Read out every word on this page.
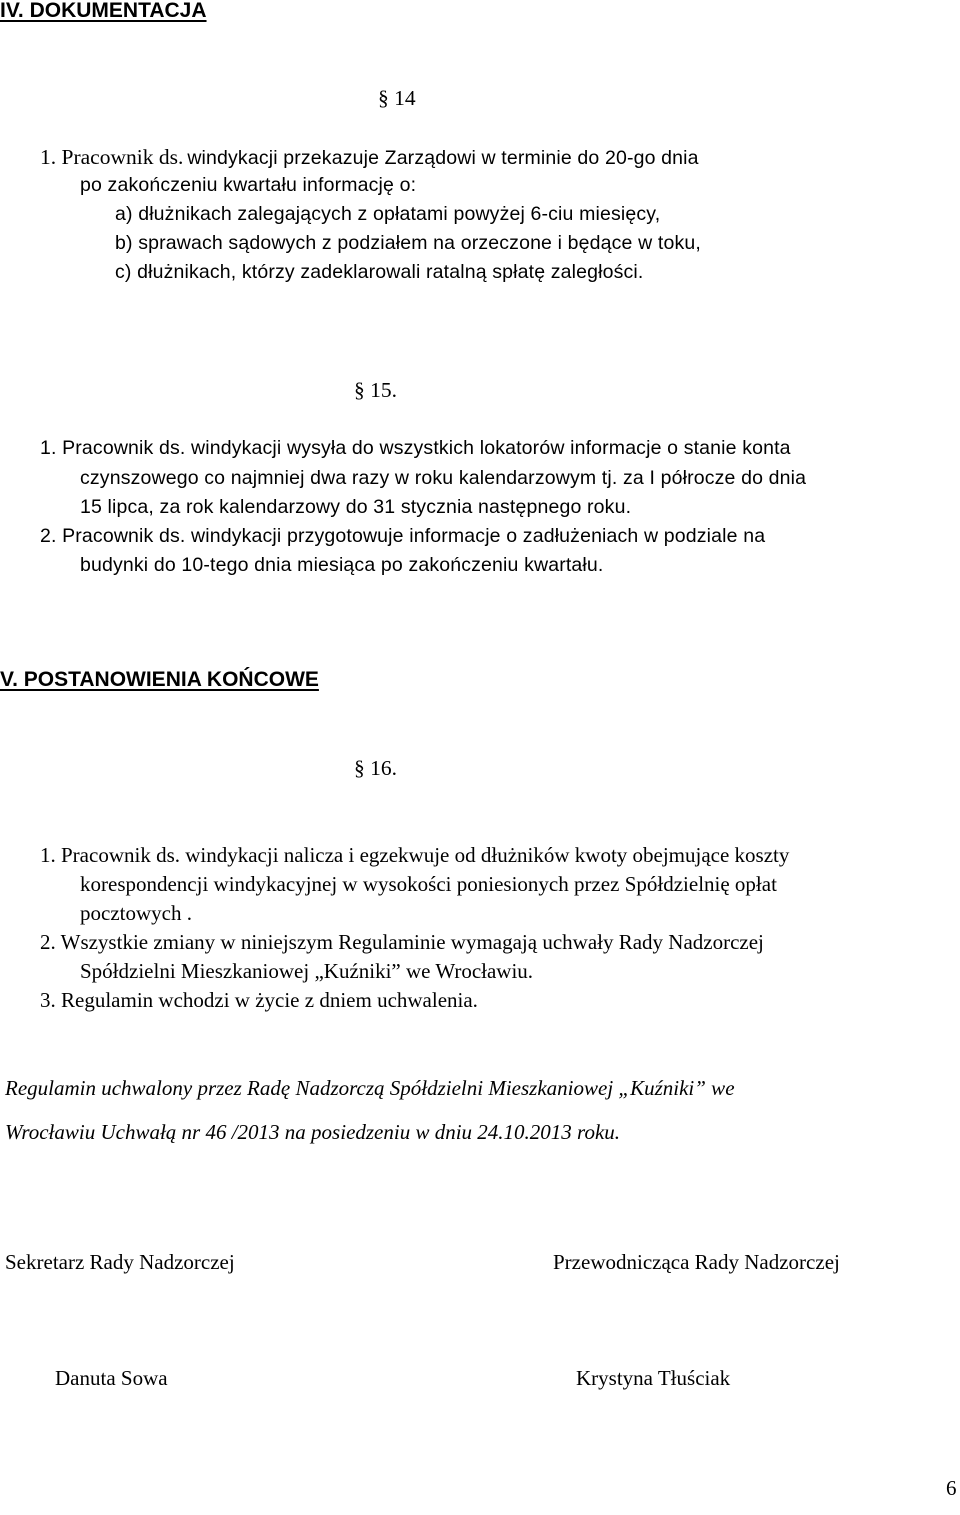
IV. DOKUMENTACJA
§ 14
1. Pracownik ds. windykacji przekazuje Zarządowi w terminie do 20-go dnia
po zakończeniu kwartału informację o:
a) dłużnikach zalegających z opłatami powyżej 6-ciu miesięcy,
b) sprawach sądowych z podziałem na orzeczone i będące w toku,
c) dłużnikach, którzy zadeklarowali ratalną spłatę zaległości.
§ 15.
1. Pracownik ds. windykacji wysyła do wszystkich lokatorów informacje o stanie konta
czynszowego co najmniej dwa razy w roku kalendarzowym tj. za I półrocze do dnia
15 lipca, za rok kalendarzowy do 31 stycznia następnego roku.
2. Pracownik ds. windykacji przygotowuje informacje o zadłużeniach w podziale na
budynki do 10-tego dnia miesiąca po zakończeniu kwartału.
V. POSTANOWIENIA KOŃCOWE
§ 16.
1. Pracownik ds. windykacji nalicza i egzekwuje od dłużników kwoty obejmujące koszty
korespondencji windykacyjnej w wysokości poniesionych przez Spółdzielnię opłat
pocztowych .
2. Wszystkie zmiany w niniejszym Regulaminie wymagają uchwały Rady Nadzorczej
Spółdzielni Mieszkaniowej „Kuźniki” we Wrocławiu.
3. Regulamin wchodzi w życie z dniem uchwalenia.
Regulamin uchwalony przez Radę Nadzorczą Spółdzielni Mieszkaniowej „Kuźniki” we
Wrocławiu Uchwałą nr 46 /2013 na posiedzeniu w dniu 24.10.2013 roku.
Sekretarz Rady Nadzorczej	Przewodnicząca Rady Nadzorczej
Danuta Sowa	Krystyna Tłuściak
6
